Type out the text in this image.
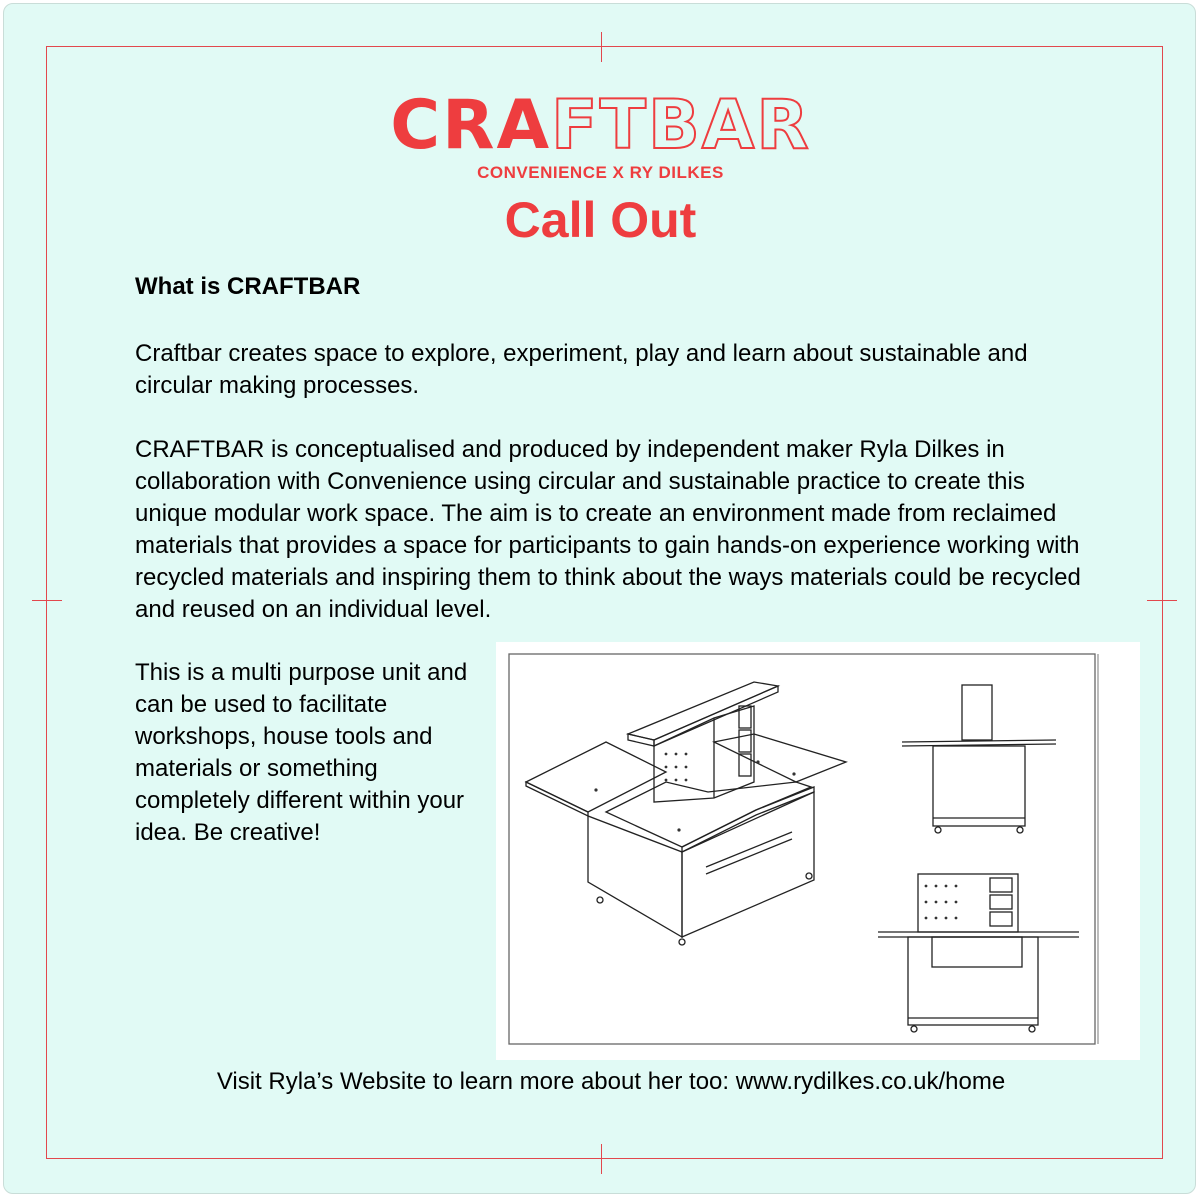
CRAFTBAR
CONVENIENCE X RY DILKES
Call Out
What is CRAFTBAR

Craftbar creates space to explore, experiment, play and learn about sustainable and circular making processes.

CRAFTBAR is conceptualised and produced by independent maker Ryla Dilkes in collaboration with Convenience using circular and sustainable practice to create this unique modular work space. The aim is to create an environment made from reclaimed materials that provides a space for participants to gain hands-on experience working with recycled materials and inspiring them to think about the ways materials could be recycled and reused on an individual level.

This is a multi purpose unit and can be used to facilitate workshops, house tools and materials or something completely different within your idea. Be creative!

Visit Ryla’s Website to learn more about her too: www.rydilkes.co.uk/home
